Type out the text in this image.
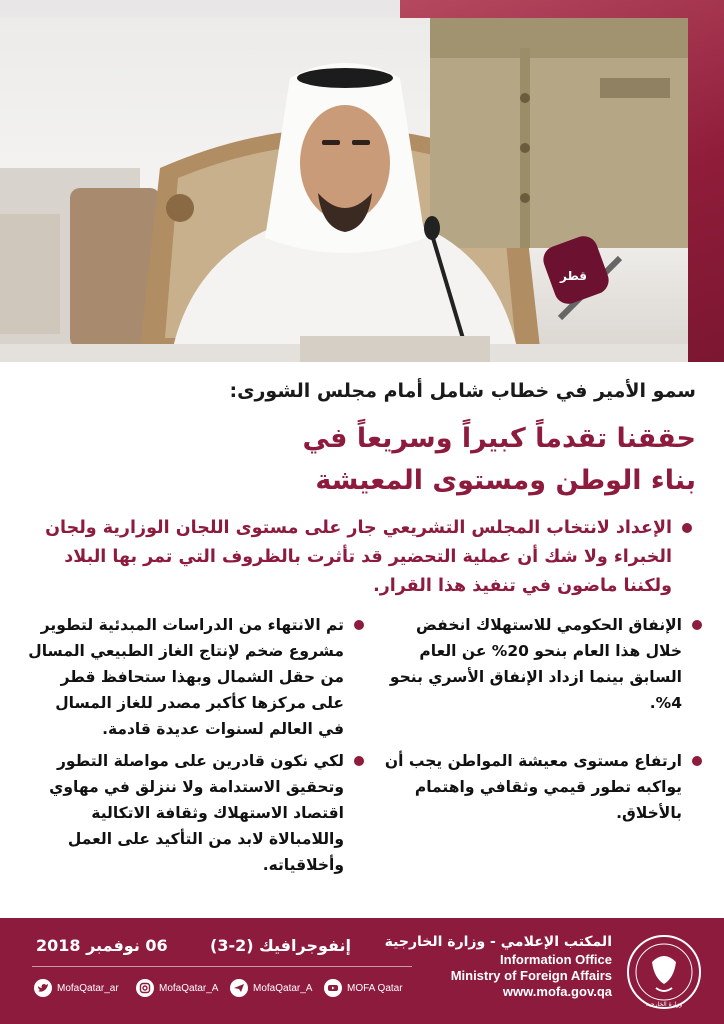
قطر
سمو الأمير في خطاب شامل أمام مجلس الشورى:
حققنا تقدماً كبيراً وسريعاً في
بناء الوطن ومستوى المعيشة
الإعداد لانتخاب المجلس التشريعي جار على مستوى اللجان الوزارية ولجان الخبراء ولا شك أن عملية التحضير قد تأثرت بالظروف التي تمر بها البلاد ولكننا ماضون في تنفيذ هذا القرار.
الإنفاق الحكومي للاستهلاك انخفض خلال هذا العام بنحو 20% عن العام السابق بينما ازداد الإنفاق الأسري بنحو 4%.
تم الانتهاء من الدراسات المبدئية لتطوير مشروع ضخم لإنتاج الغاز الطبيعي المسال من حقل الشمال وبهذا ستحافظ قطر على مركزها كأكبر مصدر للغاز المسال في العالم لسنوات عديدة قادمة.
ارتفاع مستوى معيشة المواطن يجب أن يواكبه تطور قيمي وثقافي واهتمام بالأخلاق.
لكي نكون قادرين على مواصلة التطور وتحقيق الاستدامة ولا ننزلق في مهاوي اقتصاد الاستهلاك وثقافة الاتكالية واللامبالاة لابد من التأكيد على العمل وأخلاقياته.
06 نوفمبر 2018	إنفوجرافيك (2-3)	المكتب الإعلامي - وزارة الخارجية
Information Office
Ministry of Foreign Affairs
www.mofa.gov.qa
وزارة الخارجية
MofaQatar_ar	MofaQatar_A	MofaQatar_A	MOFA Qatar
